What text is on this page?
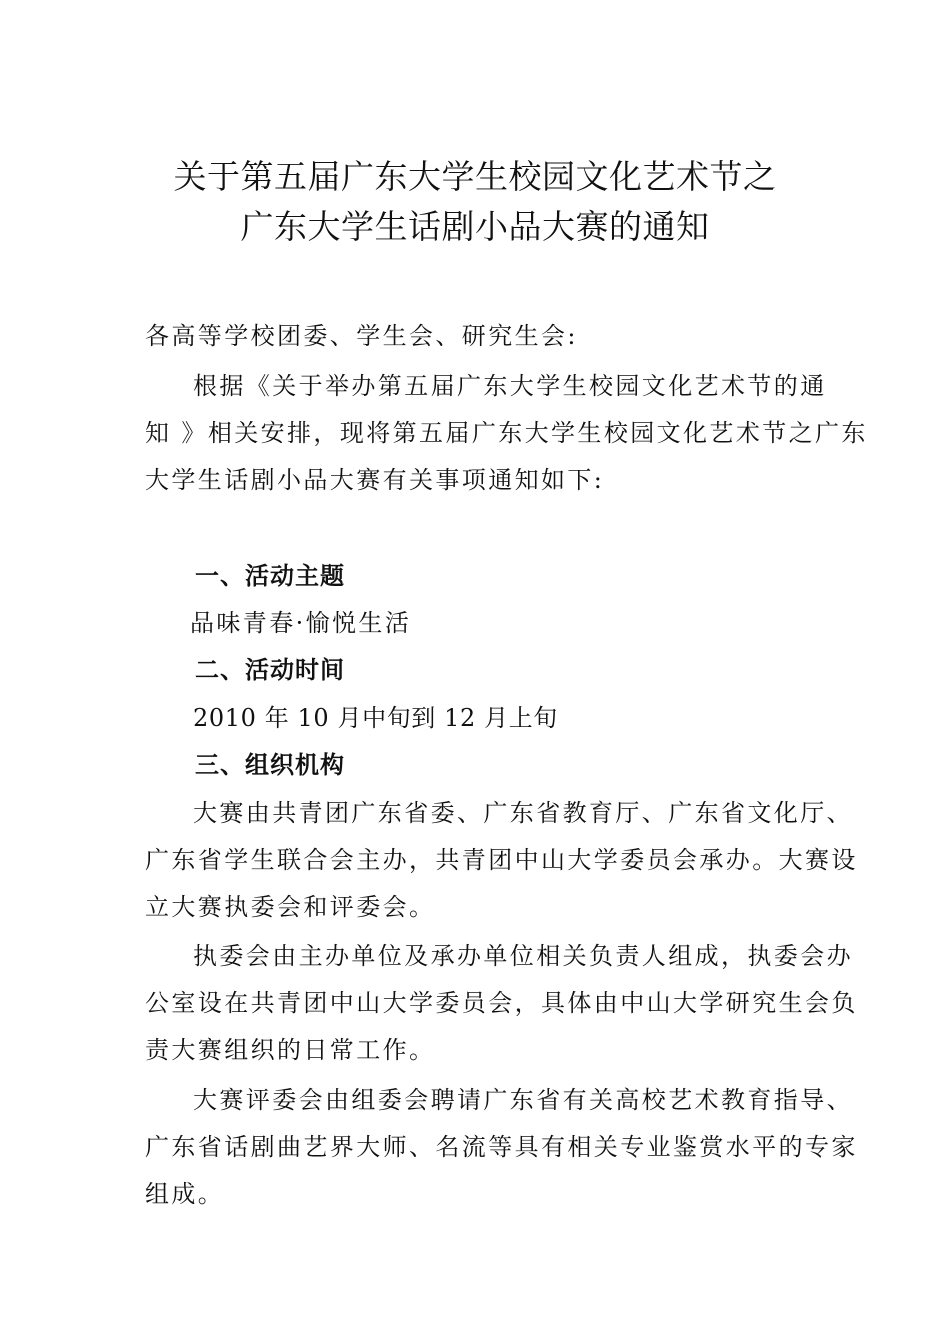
关于第五届广东大学生校园文化艺术节之
广东大学生话剧小品大赛的通知
各高等学校团委、学生会、研究生会:
根据《关于举办第五届广东大学生校园文化艺术节的通
知 》相关安排，现将第五届广东大学生校园文化艺术节之广东
大学生话剧小品大赛有关事项通知如下:
一、活动主题
品味青春·愉悦生活
二、活动时间
2010 年 10 月中旬到 12 月上旬
三、组织机构
大赛由共青团广东省委、广东省教育厅、广东省文化厅、
广东省学生联合会主办，共青团中山大学委员会承办。大赛设
立大赛执委会和评委会。
执委会由主办单位及承办单位相关负责人组成，执委会办
公室设在共青团中山大学委员会，具体由中山大学研究生会负
责大赛组织的日常工作。
大赛评委会由组委会聘请广东省有关高校艺术教育指导、
广东省话剧曲艺界大师、名流等具有相关专业鉴赏水平的专家
组成。
